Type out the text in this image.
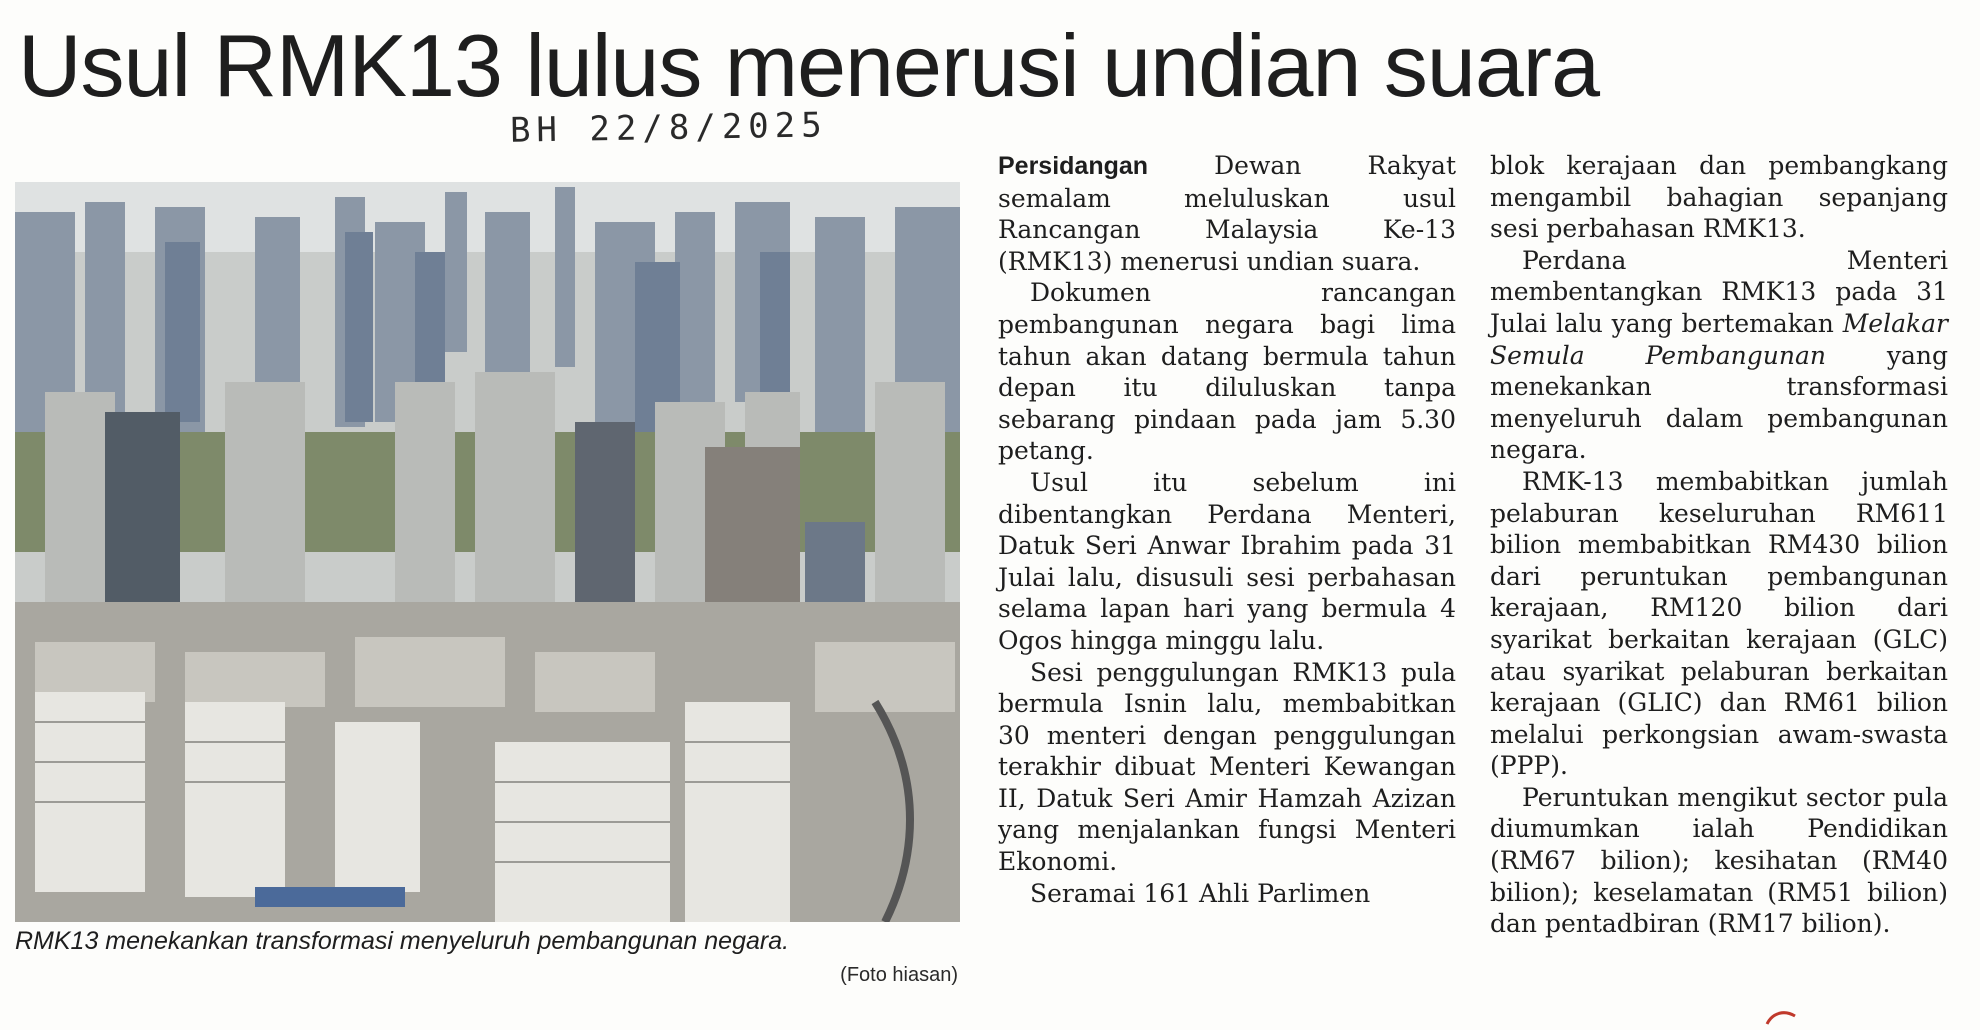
Usul RMK13 lulus menerusi undian suara
BH 22/8/2025
RMK13 menekankan transformasi menyeluruh pembangunan negara.
(Foto hiasan)

Persidangan Dewan Rakyat semalam meluluskan usul Rancangan Malaysia Ke-13 (RMK13) menerusi undian suara.

Dokumen rancangan pembangunan negara bagi lima tahun akan datang bermula tahun depan itu diluluskan tanpa sebarang pindaan pada jam 5.30 petang.

Usul itu sebelum ini dibentangkan Perdana Menteri, Datuk Seri Anwar Ibrahim pada 31 Julai lalu, disusuli sesi perbahasan selama lapan hari yang bermula 4 Ogos hingga minggu lalu.

Sesi penggulungan RMK13 pula bermula Isnin lalu, membabitkan 30 menteri dengan penggulungan terakhir dibuat Menteri Kewangan II, Datuk Seri Amir Hamzah Azizan yang menjalankan fungsi Menteri Ekonomi.

Seramai 161 Ahli Parlimen

blok kerajaan dan pembangkang mengambil bahagian sepanjang sesi perbahasan RMK13.

Perdana Menteri membentangkan RMK13 pada 31 Julai lalu yang bertemakan Melakar Semula Pembangunan yang menekankan transformasi menyeluruh dalam pembangunan negara.

RMK-13 membabitkan jumlah pelaburan keseluruhan RM611 bilion membabitkan RM430 bilion dari peruntukan pembangunan kerajaan, RM120 bilion dari syarikat berkaitan kerajaan (GLC) atau syarikat pelaburan berkaitan kerajaan (GLIC) dan RM61 bilion melalui perkongsian awam-swasta (PPP).

Peruntukan mengikut sector pula diumumkan ialah Pendidikan (RM67 bilion); kesihatan (RM40 bilion); keselamatan (RM51 bilion) dan pentadbiran (RM17 bilion).
